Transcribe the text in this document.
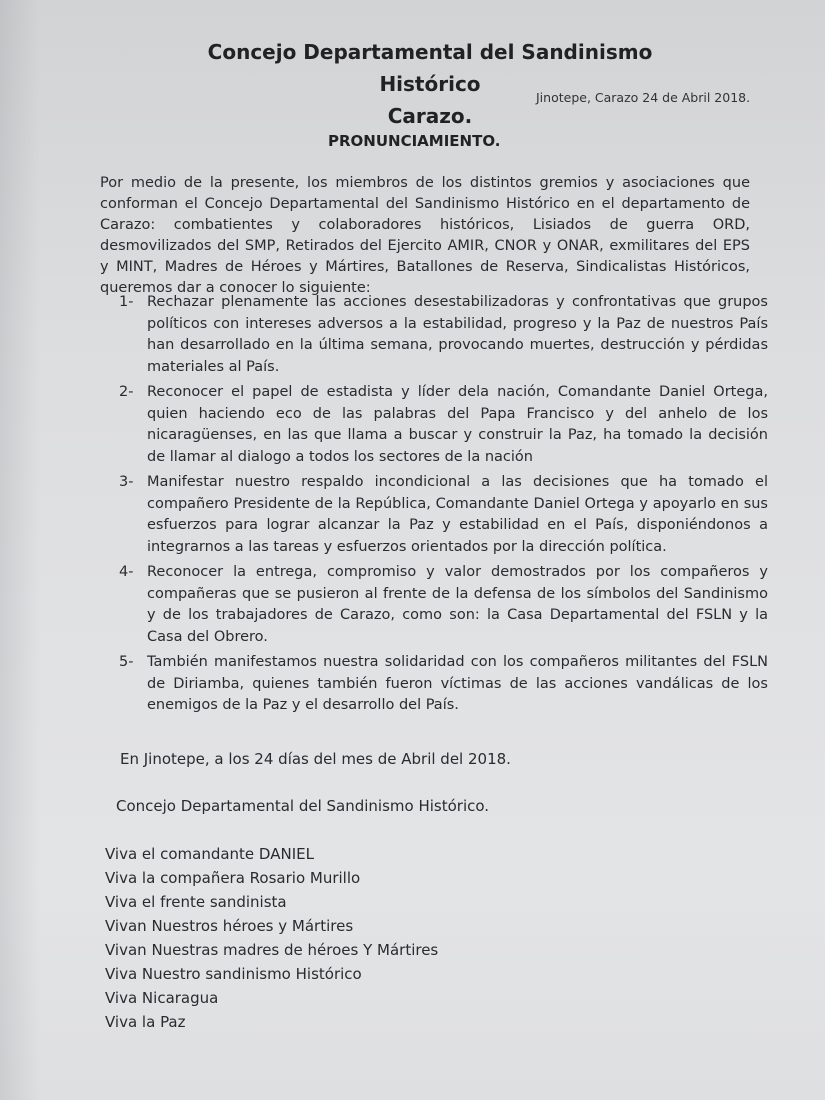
Concejo Departamental del Sandinismo Histórico
Carazo.
Jinotepe, Carazo 24 de Abril 2018.
PRONUNCIAMIENTO.

Por medio de la presente, los miembros de los distintos gremios y asociaciones que conforman el Concejo Departamental del Sandinismo Histórico en el departamento de Carazo: combatientes y colaboradores históricos, Lisiados de guerra ORD, desmovilizados del SMP, Retirados del Ejercito AMIR, CNOR y ONAR, exmilitares del EPS y MINT, Madres de Héroes y Mártires, Batallones de Reserva, Sindicalistas Históricos, queremos dar a conocer lo siguiente:

1- Rechazar plenamente las acciones desestabilizadoras y confrontativas que grupos políticos con intereses adversos a la estabilidad, progreso y la Paz de nuestros País han desarrollado en la última semana, provocando muertes, destrucción y pérdidas materiales al País.
2- Reconocer el papel de estadista y líder dela nación, Comandante Daniel Ortega, quien haciendo eco de las palabras del Papa Francisco y del anhelo de los nicaragüenses, en las que llama a buscar y construir la Paz, ha tomado la decisión de llamar al dialogo a todos los sectores de la nación
3- Manifestar nuestro respaldo incondicional a las decisiones que ha tomado el compañero Presidente de la República, Comandante Daniel Ortega y apoyarlo en sus esfuerzos para lograr alcanzar la Paz y estabilidad en el País, disponiéndonos a integrarnos a las tareas y esfuerzos orientados por la dirección política.
4- Reconocer la entrega, compromiso y valor demostrados por los compañeros y compañeras que se pusieron al frente de la defensa de los símbolos del Sandinismo y de los trabajadores de Carazo, como son: la Casa Departamental del FSLN y la Casa del Obrero.
5- También manifestamos nuestra solidaridad con los compañeros militantes del FSLN de Diriamba, quienes también fueron víctimas de las acciones vandálicas de los enemigos de la Paz y el desarrollo del País.
En Jinotepe, a los 24 días del mes de Abril del 2018.
Concejo Departamental del Sandinismo Histórico.
Viva el comandante DANIEL
Viva la compañera Rosario Murillo
Viva el frente sandinista
Vivan Nuestros héroes y Mártires
Vivan Nuestras madres de héroes Y Mártires
Viva Nuestro sandinismo Histórico
Viva Nicaragua
Viva la Paz
